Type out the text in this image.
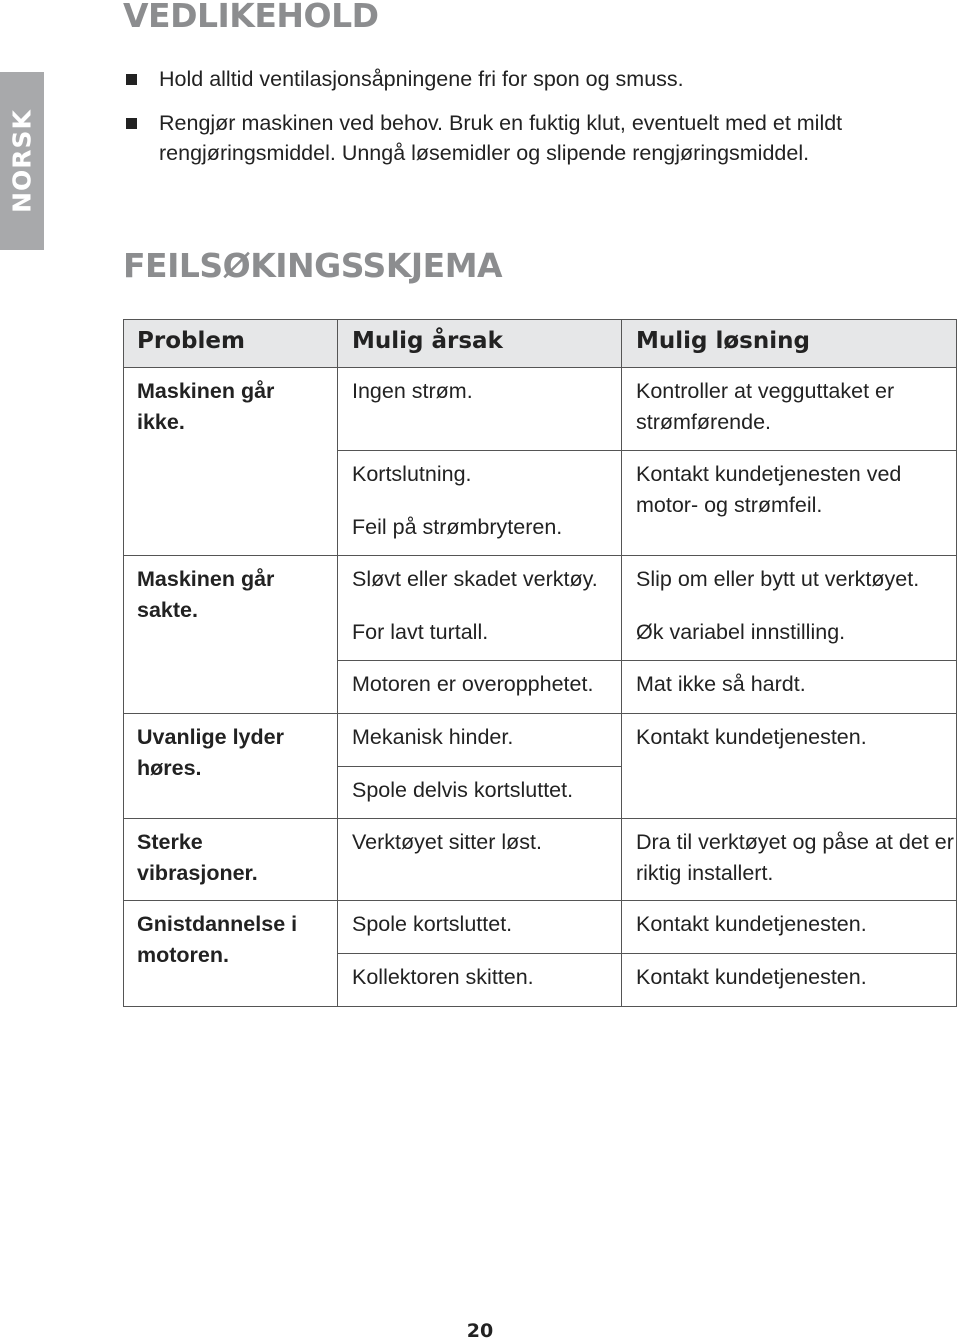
NORSK
VEDLIKEHOLD
Hold alltid ventilasjonsåpningene fri for spon og smuss.
Rengjør maskinen ved behov. Bruk en fuktig klut, eventuelt med et mildt rengjøringsmiddel. Unngå løsemidler og slipende rengjøringsmiddel.
FEILSØKINGSSKJEMA
Problem	Mulig årsak	Mulig løsning
Maskinen går ikke.
Maskinen går sakte.
Uvanlige lyder høres.
Sterke vibrasjoner.
Gnistdannelse i motoren.
Ingen strøm.
Kortslutning.
Feil på strømbryteren.
Sløvt eller skadet verktøy.
For lavt turtall.
Motoren er overopphetet.
Mekanisk hinder.
Spole delvis kortsluttet.
Verktøyet sitter løst.
Spole kortsluttet.
Kollektoren skitten.
Kontroller at vegguttaket er strømførende.
Kontakt kundetjenesten ved motor- og strømfeil.
Slip om eller bytt ut verktøyet.
Øk variabel innstilling.
Mat ikke så hardt.
Kontakt kundetjenesten.
Dra til verktøyet og påse at det er riktig installert.
Kontakt kundetjenesten.
Kontakt kundetjenesten.
20
